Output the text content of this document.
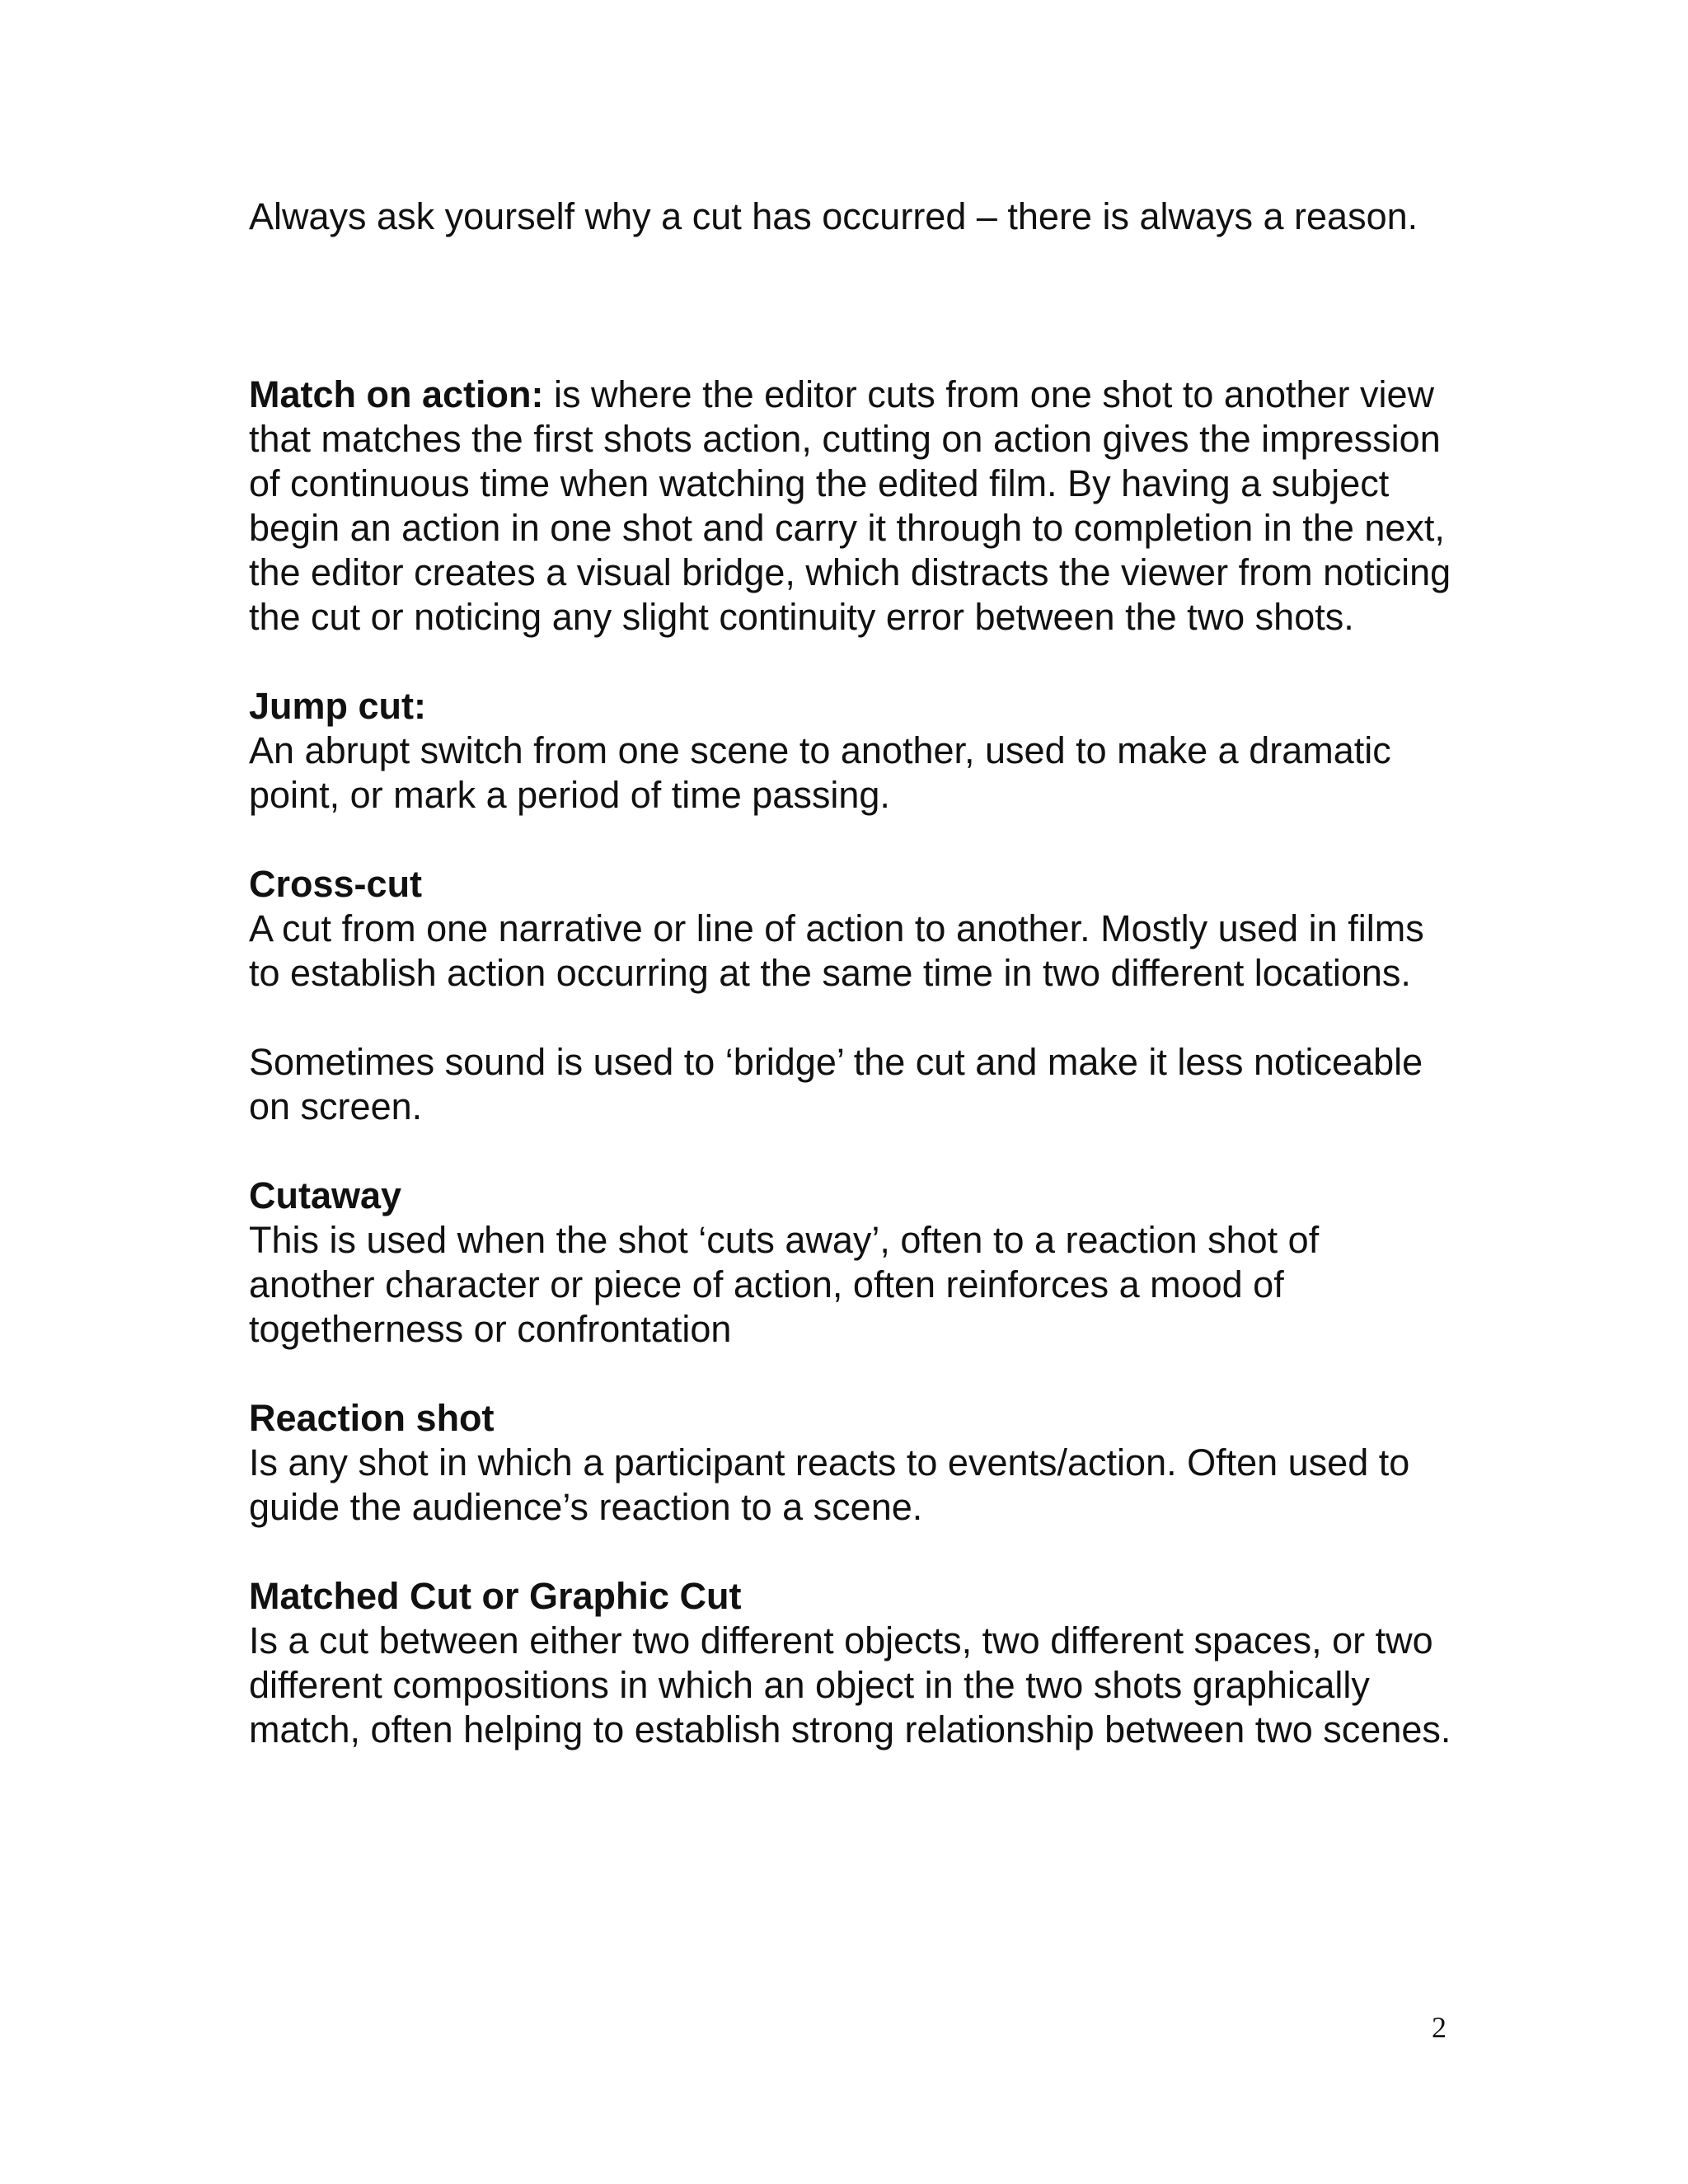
Always ask yourself why a cut has occurred – there is always a reason.

Match on action: is where the editor cuts from one shot to another view that matches the first shots action, cutting on action gives the impression of continuous time when watching the edited film. By having a subject begin an action in one shot and carry it through to completion in the next, the editor creates a visual bridge, which distracts the viewer from noticing the cut or noticing any slight continuity error between the two shots.

Jump cut:
An abrupt switch from one scene to another, used to make a dramatic point, or mark a period of time passing.

Cross-cut
A cut from one narrative or line of action to another. Mostly used in films to establish action occurring at the same time in two different locations.

Sometimes sound is used to ‘bridge’ the cut and make it less noticeable on screen.

Cutaway
This is used when the shot ‘cuts away’, often to a reaction shot of another character or piece of action, often reinforces a mood of togetherness or confrontation

Reaction shot
Is any shot in which a participant reacts to events/action. Often used to guide the audience’s reaction to a scene.

Matched Cut or Graphic Cut
Is a cut between either two different objects, two different spaces, or two different compositions in which an object in the two shots graphically match, often helping to establish strong relationship between two scenes.

2
